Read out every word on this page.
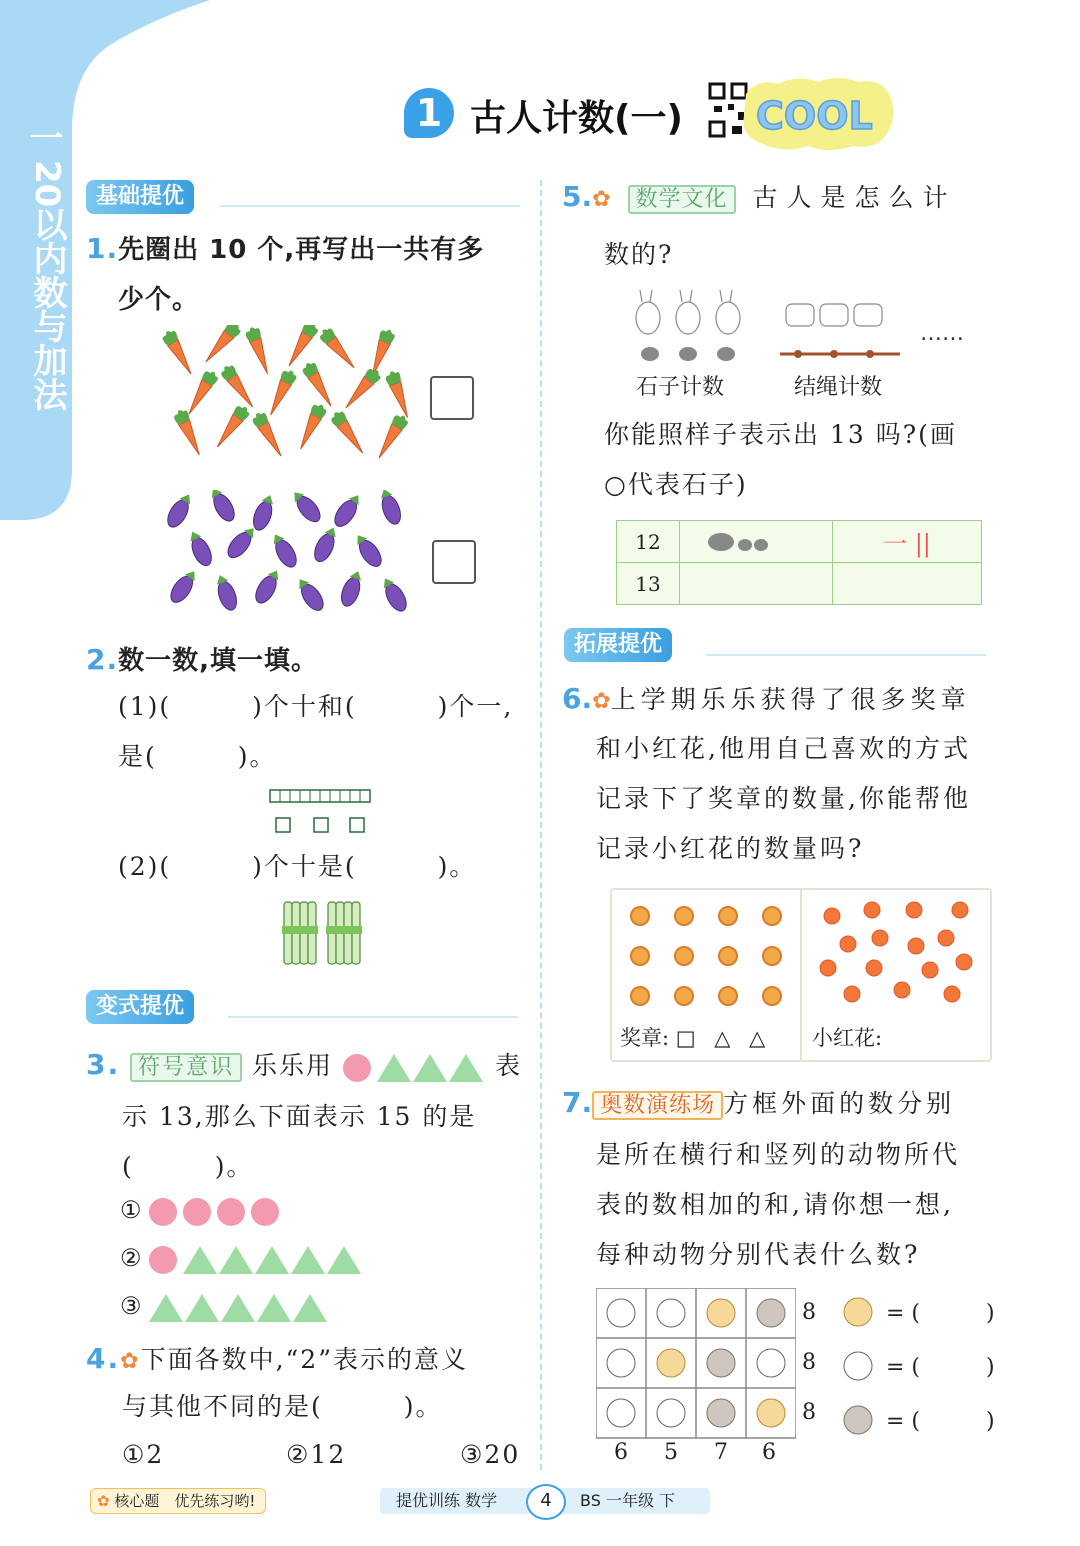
一
20以内数与加法
1 古人计数(一) COOL
基础提优
1.先圈出 10 个,再写出一共有多
少个。
2.数一数,填一填。
(1)(　　　)个十和(　　　)个一,
是(　　　)。
(2)(　　　)个十是(　　　)。
变式提优
3. 符号意识 乐乐用	表
示 13,那么下面表示 15 的是
(　　　)。
①
②
③
4.✿下面各数中,“2”表示的意义
与其他不同的是(　　　)。
①2	②12	③20
5.✿ 数学文化 古人是怎么计
数的?
……
石子计数	结绳计数
你能照样子表示出 13 吗?(画
○代表石子)
12		一 ||
13		
拓展提优
6.✿上学期乐乐获得了很多奖章
和小红花,他用自己喜欢的方式
记录下了奖章的数量,你能帮他
记录小红花的数量吗?
奖章: □ △ △ 小红花:
7. 奥数演练场 方框外面的数分别
是所在横行和竖列的动物所代
表的数相加的和,请你想一想,
每种动物分别代表什么数?
8
8
8
6 5 7 6
= (　　　)
= (　　　)
= (　　　)
✿ 核心题　优先练习哟!	提优训练 数学	4	BS 一年级 下
